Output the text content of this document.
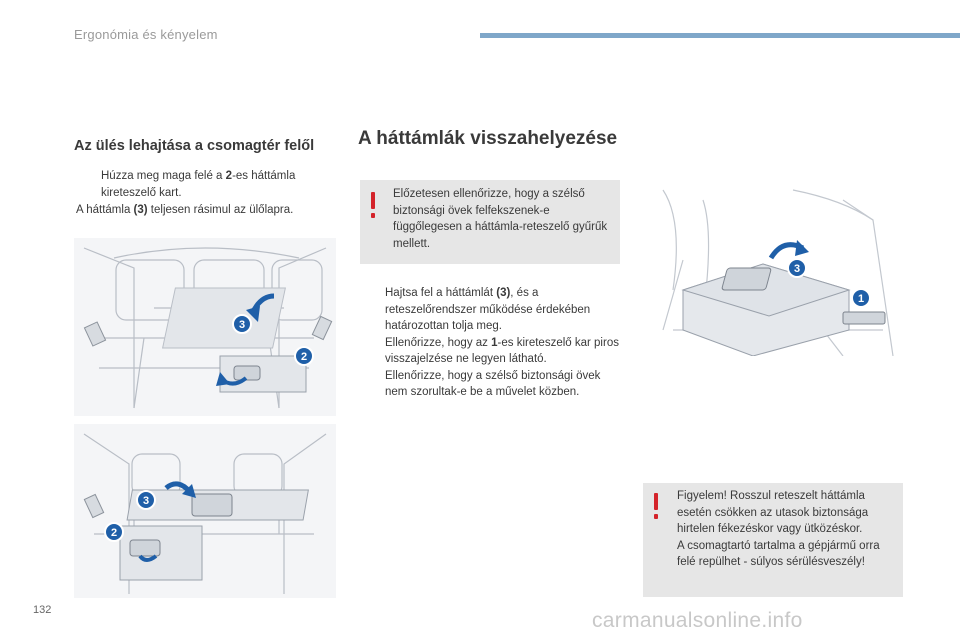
Ergonómia és kényelem
Az ülés lehajtása a csomagtér felől
Húzza meg maga felé a 2-es háttámla kireteszelő kart.
A háttámla (3) teljesen rásimul az ülőlapra.
3
2
3
2
A háttámlák visszahelyezése
Előzetesen ellenőrizze, hogy a szélső biztonsági övek felfekszenek-e függőlegesen a háttámla-reteszelő gyűrűk mellett.
Hajtsa fel a háttámlát (3), és a reteszelőrendszer működése érdekében határozottan tolja meg.
Ellenőrizze, hogy az 1-es kireteszelő kar piros visszajelzése ne legyen látható.
Ellenőrizze, hogy a szélső biztonsági övek nem szorultak-e be a művelet közben.
3
1
Figyelem! Rosszul reteszelt háttámla esetén csökken az utasok biztonsága hirtelen fékezéskor vagy ütközéskor.
A csomagtartó tartalma a gépjármű orra felé repülhet - súlyos sérülésveszély!
132	carmanualsonline.info
